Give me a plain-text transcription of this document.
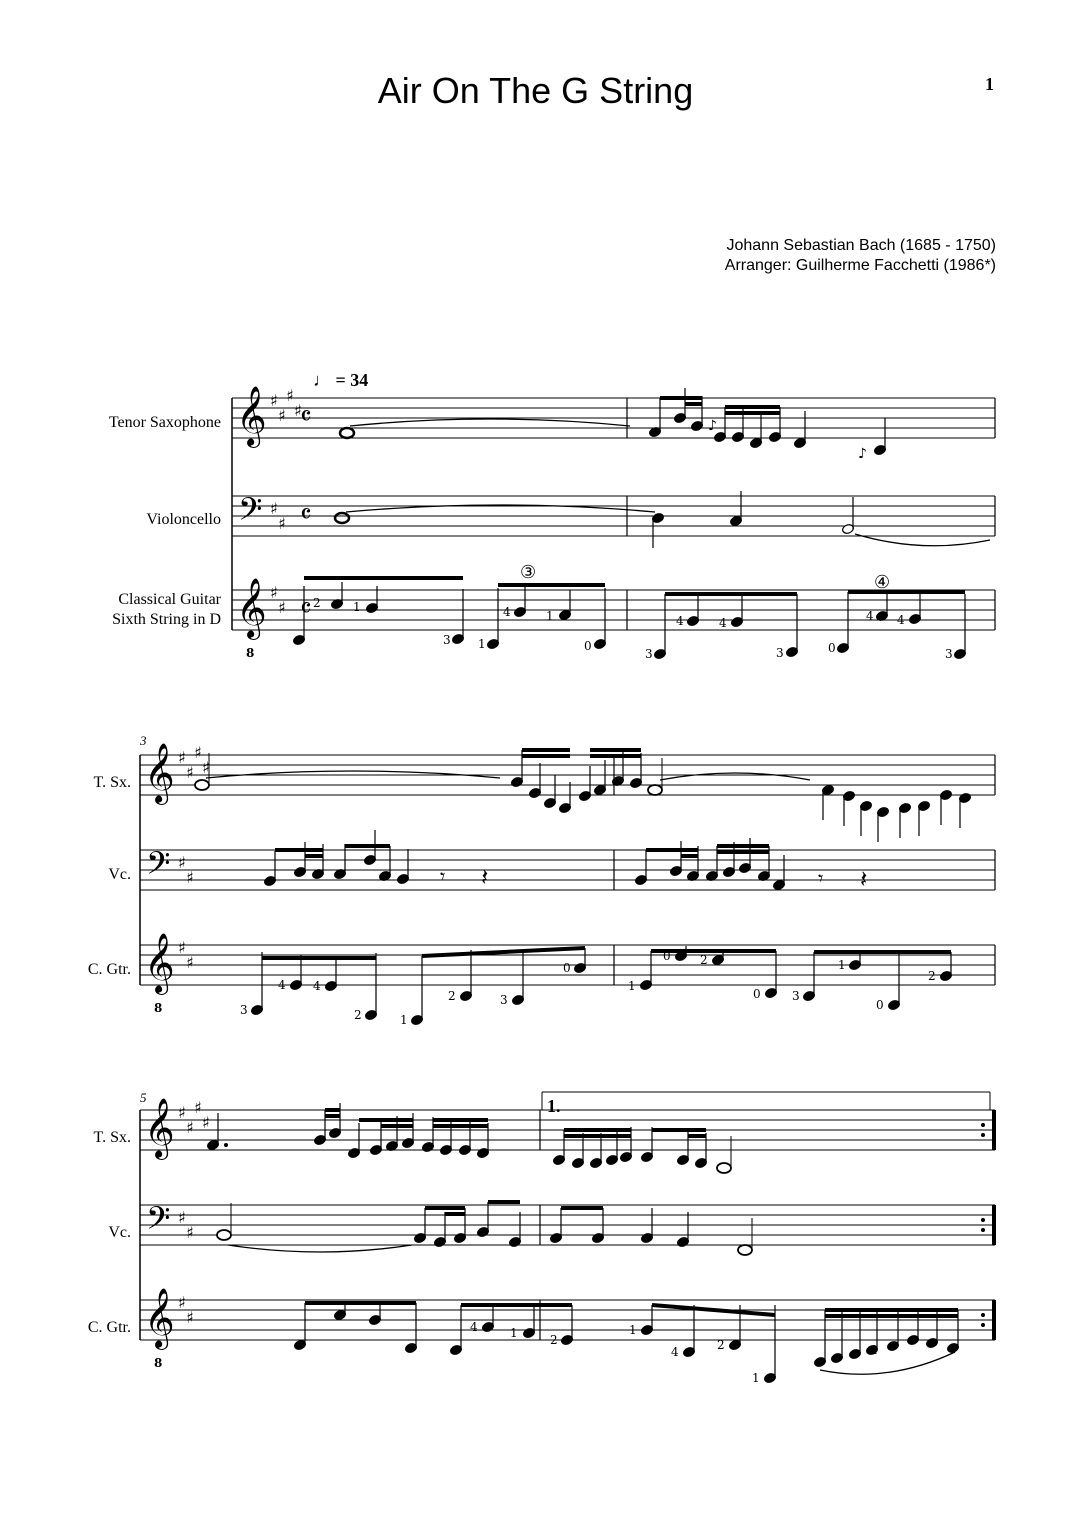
Air On The G String	1
Johann Sebastian Bach (1685 - 1750)
Arranger: Guilherme Facchetti (1986*)
Tenor Saxophone
Violoncello
Classical Guitar
Sixth String in D
♩ = 34
3
T. Sx.
Vc.
C. Gtr.
5	1.
T. Sx.
Vc.
C. Gtr.
③	④
𝄞 ♯
♯
♯
♯
𝄢 ♯
♯
𝄞 ♯
♯
8
𝄴
𝄴
𝄴
𝄞 ♯
♯
♯
♯
𝄢 ♯
♯
𝄞 ♯
♯
8
𝄞 ♯
♯
♯
♯
𝄢 ♯
♯
𝄞 ♯
♯
8
♪
♪
2	1
3 1
4	1
0
3
4	4
3	0
4 4
3
𝄾 𝄽	𝄾 𝄽
3
4 4
2	1
2	3
0
1
0 2
0	3
1
0
2
4	1	2
1
4	2
1
4
